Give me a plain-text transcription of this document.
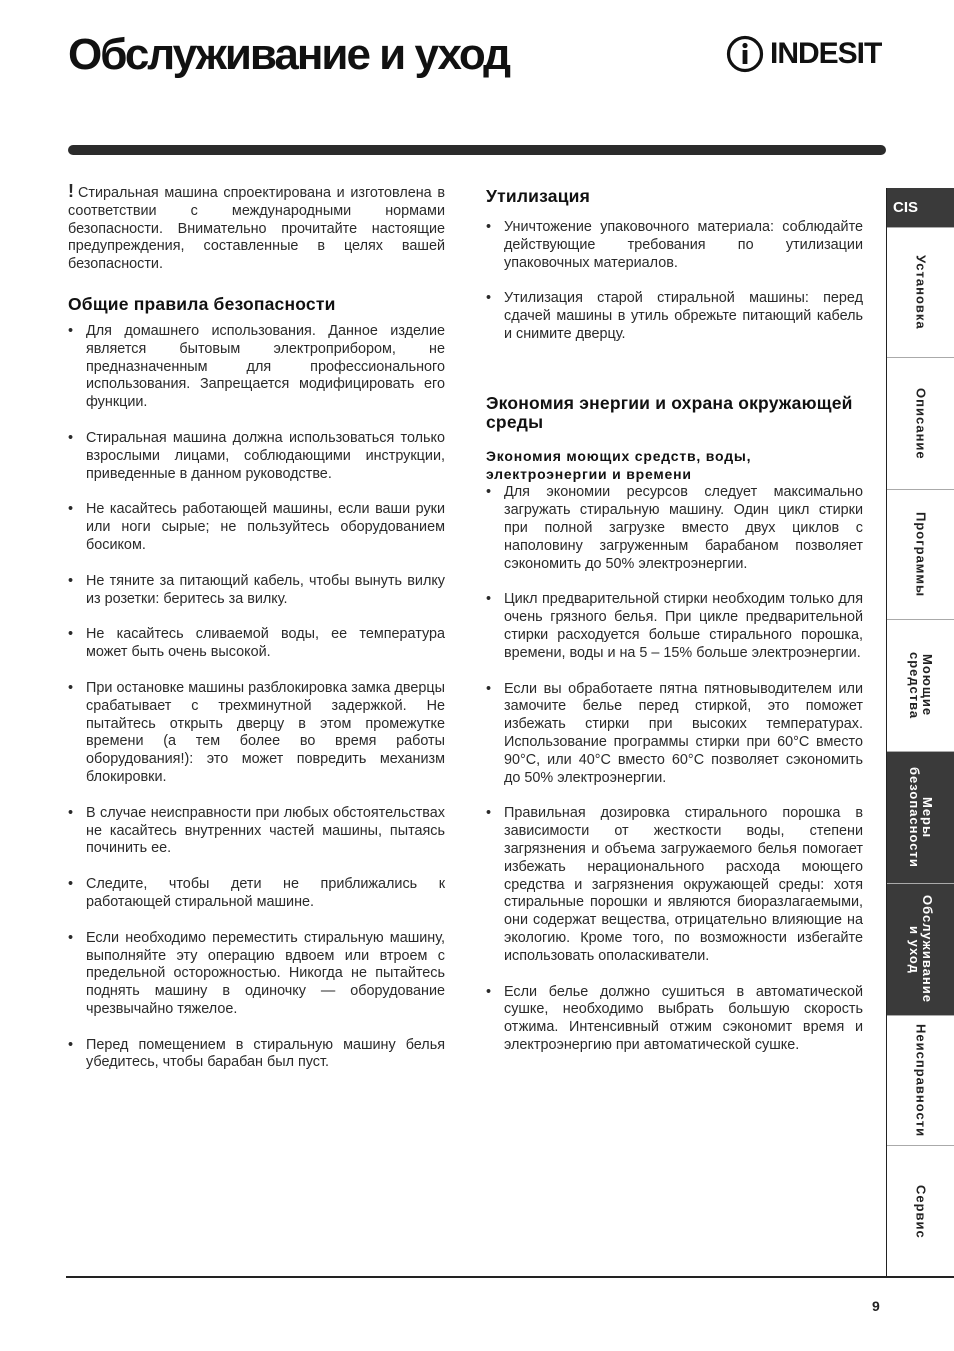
Обслуживание и уход	INDESIT

! Стиральная машина спроектирована и изготовлена в соответствии с международными нормами безопасности. Внимательно прочитайте настоящие предупреждения, составленные в целях вашей безопасности.

Общие правила безопасности
• Для домашнего использования. Данное изделие является бытовым электроприбором, не предназначенным для профессионального использования. Запрещается модифицировать его функции.
• Стиральная машина должна использоваться только взрослыми лицами, соблюдающими инструкции, приведенные в данном руководстве.
• Не касайтесь работающей машины, если ваши руки или ноги сырые; не пользуйтесь оборудованием босиком.
• Не тяните за питающий кабель, чтобы вынуть вилку из розетки: беритесь за вилку.
• Не касайтесь сливаемой воды, ее температура может быть очень высокой.
• При остановке машины разблокировка замка дверцы срабатывает с трехминутной задержкой. Не пытайтесь открыть дверцу в этом промежутке времени (а тем более во время работы оборудования!): это может повредить механизм блокировки.
• В случае неисправности при любых обстоятельствах не касайтесь внутренних частей машины, пытаясь починить ее.
• Следите, чтобы дети не приближались к работающей стиральной машине.
• Если необходимо переместить стиральную машину, выполняйте эту операцию вдвоем или втроем с предельной осторожностью. Никогда не пытайтесь поднять машину в одиночку — оборудование чрезвычайно тяжелое.
• Перед помещением в стиральную машину белья убедитесь, чтобы барабан был пуст.
Утилизация
• Уничтожение упаковочного материала: соблюдайте действующие требования по утилизации упаковочных материалов.
• Утилизация старой стиральной машины: перед сдачей машины в утиль обрежьте питающий кабель и снимите дверцу.
Экономия энергии и охрана окружающей среды
Экономия моющих средств, воды, электроэнергии и времени
• Для экономии ресурсов следует максимально загружать стиральную машину. Один цикл стирки при полной загрузке вместо двух циклов с наполовину загруженным барабаном позволяет сэкономить до 50% электроэнергии.
• Цикл предварительной стирки необходим только для очень грязного белья. При цикле предварительной стирки расходуется больше стирального порошка, времени, воды и на 5 – 15% больше электроэнергии.
• Если вы обработаете пятна пятновыводителем или замочите белье перед стиркой, это поможет избежать стирки при высоких температурах. Использование программы стирки при 60°C вместо 90°C, или 40°C вместо 60°C позволяет сэкономить до 50% электроэнергии.
• Правильная дозировка стирального порошка в зависимости от жесткости воды, степени загрязнения и объема загружаемого белья помогает избежать нерационального расхода моющего средства и загрязнения окружающей среды: хотя стиральные порошки и являются биоразлагаемыми, они содержат вещества, отрицательно влияющие на экологию. Кроме того, по возможности избегайте использовать ополаскиватели.
• Если белье должно сушиться в автоматической сушке, необходимо выбрать большую скорость отжима. Интенсивный отжим сэкономит время и электроэнергию при автоматической сушке.
CIS
Установка
Описание
Программы
Моющие
средства
Меры
безопасности
Обслуживание
и уход
Неисправности
Сервис
9
